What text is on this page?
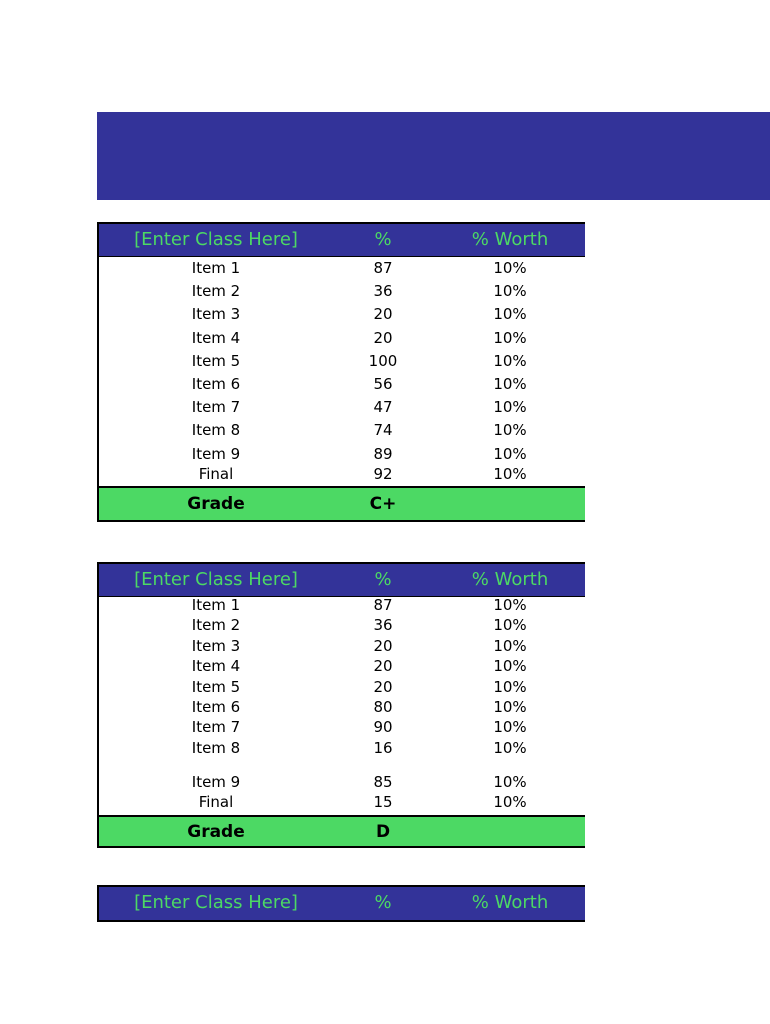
[Enter Class Here]	%	% Worth
Item 1	87	10%
Item 2	36	10%
Item 3	20	10%
Item 4	20	10%
Item 5	100	10%
Item 6	56	10%
Item 7	47	10%
Item 8	74	10%
Item 9	89	10%
Final	92	10%
Grade	C+
[Enter Class Here]	%	% Worth
Item 1	87	10%
Item 2	36	10%
Item 3	20	10%
Item 4	20	10%
Item 5	20	10%
Item 6	80	10%
Item 7	90	10%
Item 8	16	10%
Item 9	85	10%
Final	15	10%
Grade	D
[Enter Class Here]	%	% Worth
